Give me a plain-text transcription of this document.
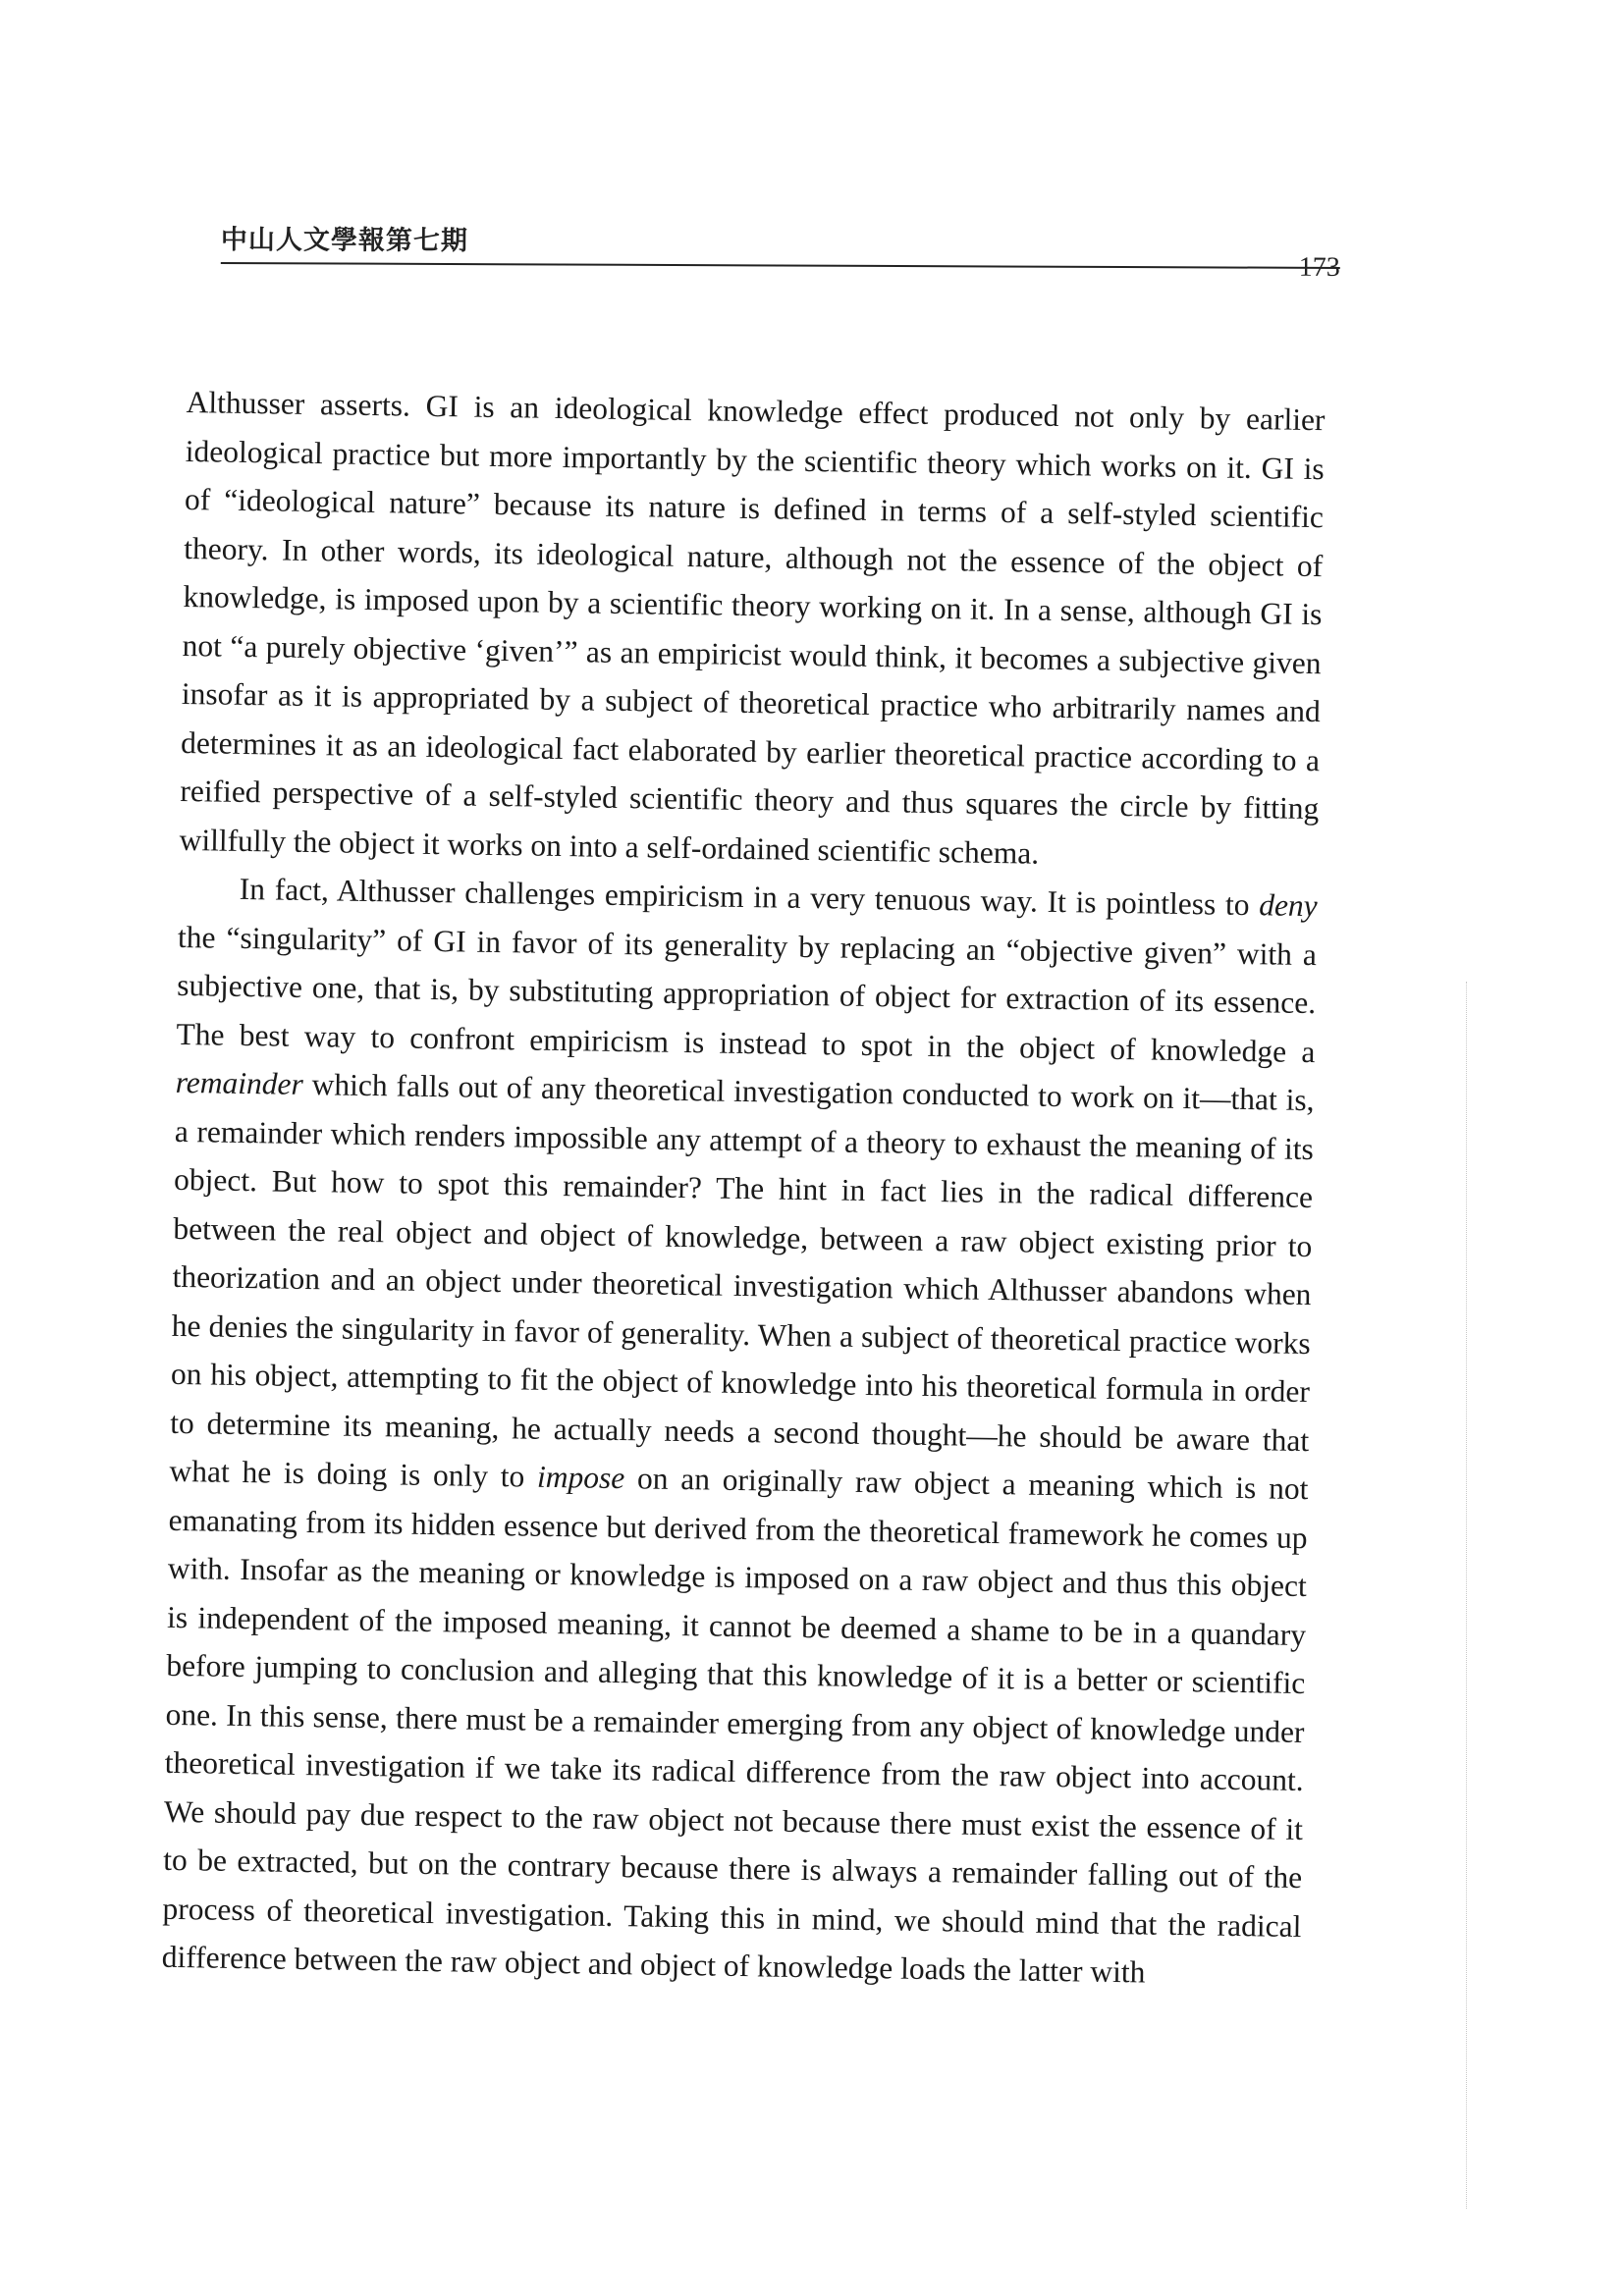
中山人文學報第七期
173

Althusser asserts. GI is an ideological knowledge effect produced not only by earlier ideological practice but more importantly by the scientific theory which works on it. GI is of “ideological nature” because its nature is defined in terms of a self-styled scientific theory. In other words, its ideological nature, although not the essence of the object of knowledge, is imposed upon by a scientific theory working on it. In a sense, although GI is not “a purely objective ‘given’” as an empiricist would think, it becomes a subjective given insofar as it is appropriated by a subject of theoretical practice who arbitrarily names and determines it as an ideological fact elaborated by earlier theoretical practice according to a reified perspective of a self-styled scientific theory and thus squares the circle by fitting willfully the object it works on into a self-ordained scientific schema.

In fact, Althusser challenges empiricism in a very tenuous way. It is pointless to deny the “singularity” of GI in favor of its generality by replacing an “objective given” with a subjective one, that is, by substituting appropriation of object for extraction of its essence. The best way to confront empiricism is instead to spot in the object of knowledge a remainder which falls out of any theoretical investigation conducted to work on it—that is, a remainder which renders impossible any attempt of a theory to exhaust the meaning of its object. But how to spot this remainder? The hint in fact lies in the radical difference between the real object and object of knowledge, between a raw object existing prior to theorization and an object under theoretical investigation which Althusser abandons when he denies the singularity in favor of generality. When a subject of theoretical practice works on his object, attempting to fit the object of knowledge into his theoretical formula in order to determine its meaning, he actually needs a second thought—he should be aware that what he is doing is only to impose on an originally raw object a meaning which is not emanating from its hidden essence but derived from the theoretical framework he comes up with. Insofar as the meaning or knowledge is imposed on a raw object and thus this object is independent of the imposed meaning, it cannot be deemed a shame to be in a quandary before jumping to conclusion and alleging that this knowledge of it is a better or scientific one. In this sense, there must be a remainder emerging from any object of knowledge under theoretical investigation if we take its radical difference from the raw object into account. We should pay due respect to the raw object not because there must exist the essence of it to be extracted, but on the contrary because there is always a remainder falling out of the process of theoretical investigation. Taking this in mind, we should mind that the radical difference between the raw object and object of knowledge loads the latter with
